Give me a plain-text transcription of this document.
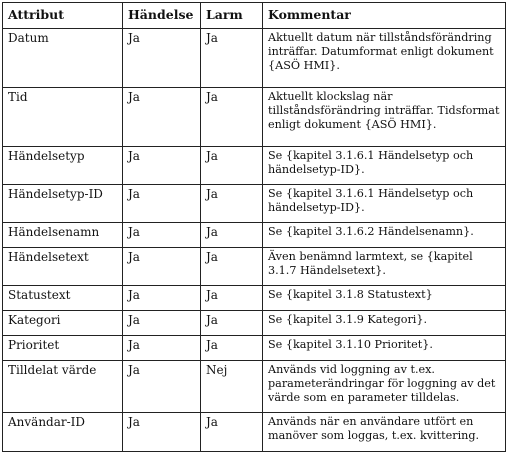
Attribut	Händelse	Larm	Kommentar
Datum	Ja	Ja	Aktuellt datum när tillståndsförändring inträffar. Datumformat enligt dokument {ASÖ HMI}.
Tid	Ja	Ja	Aktuellt klockslag när tillståndsförändring inträffar. Tidsformat enligt dokument {ASÖ HMI}.
Händelsetyp	Ja	Ja	Se {kapitel 3.1.6.1 Händelsetyp och händelsetyp-ID}.
Händelsetyp-ID	Ja	Ja	Se {kapitel 3.1.6.1 Händelsetyp och händelsetyp-ID}.
Händelsenamn	Ja	Ja	Se {kapitel 3.1.6.2 Händelsenamn}.
Händelsetext	Ja	Ja	Även benämnd larmtext, se {kapitel 3.1.7 Händelsetext}.
Statustext	Ja	Ja	Se {kapitel 3.1.8 Statustext}
Kategori	Ja	Ja	Se {kapitel 3.1.9 Kategori}.
Prioritet	Ja	Ja	Se {kapitel 3.1.10 Prioritet}.
Tilldelat värde	Ja	Nej	Används vid loggning av t.ex. parameterändringar för loggning av det värde som en parameter tilldelas.
Användar-ID	Ja	Ja	Används när en användare utfört en manöver som loggas, t.ex. kvittering.
